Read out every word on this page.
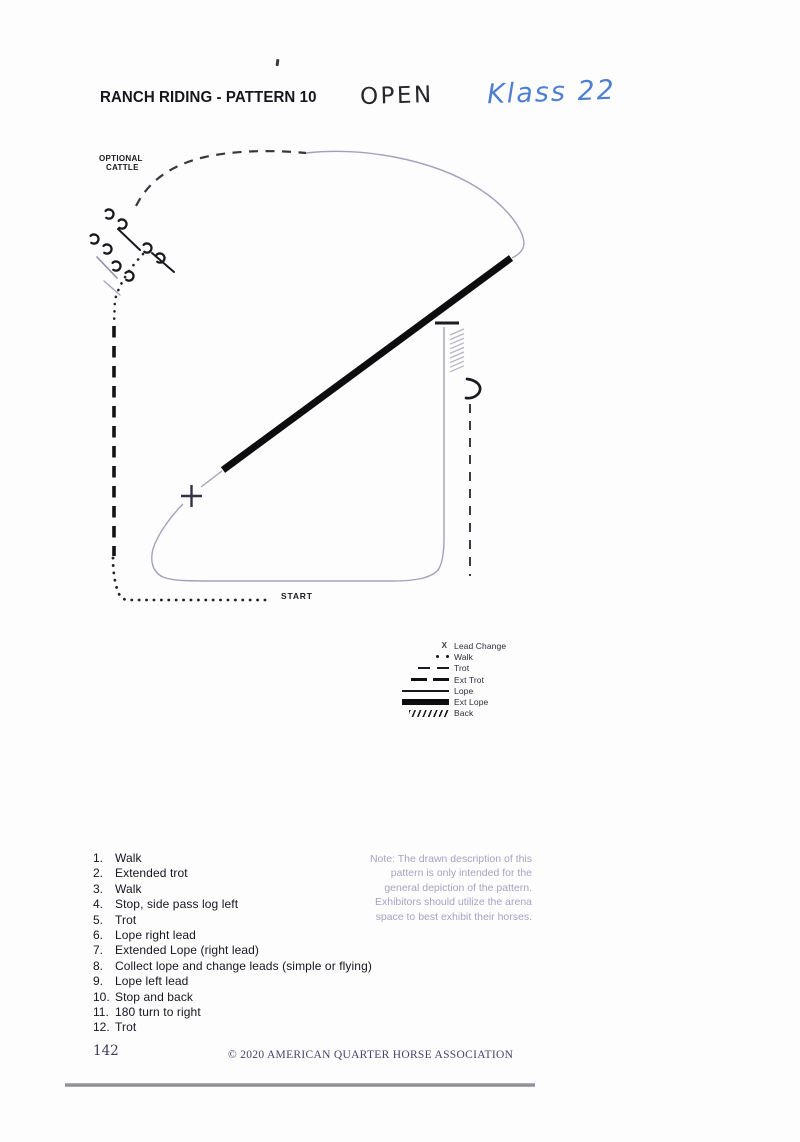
RANCH RIDING - PATTERN 10 OPEN Klass 22
OPTIONAL
CATTLE
START
X Lead Change
Walk
Trot
Ext Trot
Lope
Ext Lope
Back
1. Walk
2. Extended trot
3. Walk
4. Stop, side pass log left
5. Trot
6. Lope right lead
7. Extended Lope (right lead)
8. Collect lope and change leads (simple or flying)
9. Lope left lead
10. Stop and back
11. 180 turn to right
12. Trot
Note: The drawn description of this
pattern is only intended for the
general depiction of the pattern.
Exhibitors should utilize the arena
space to best exhibit their horses.
142	© 2020 AMERICAN QUARTER HORSE ASSOCIATION
